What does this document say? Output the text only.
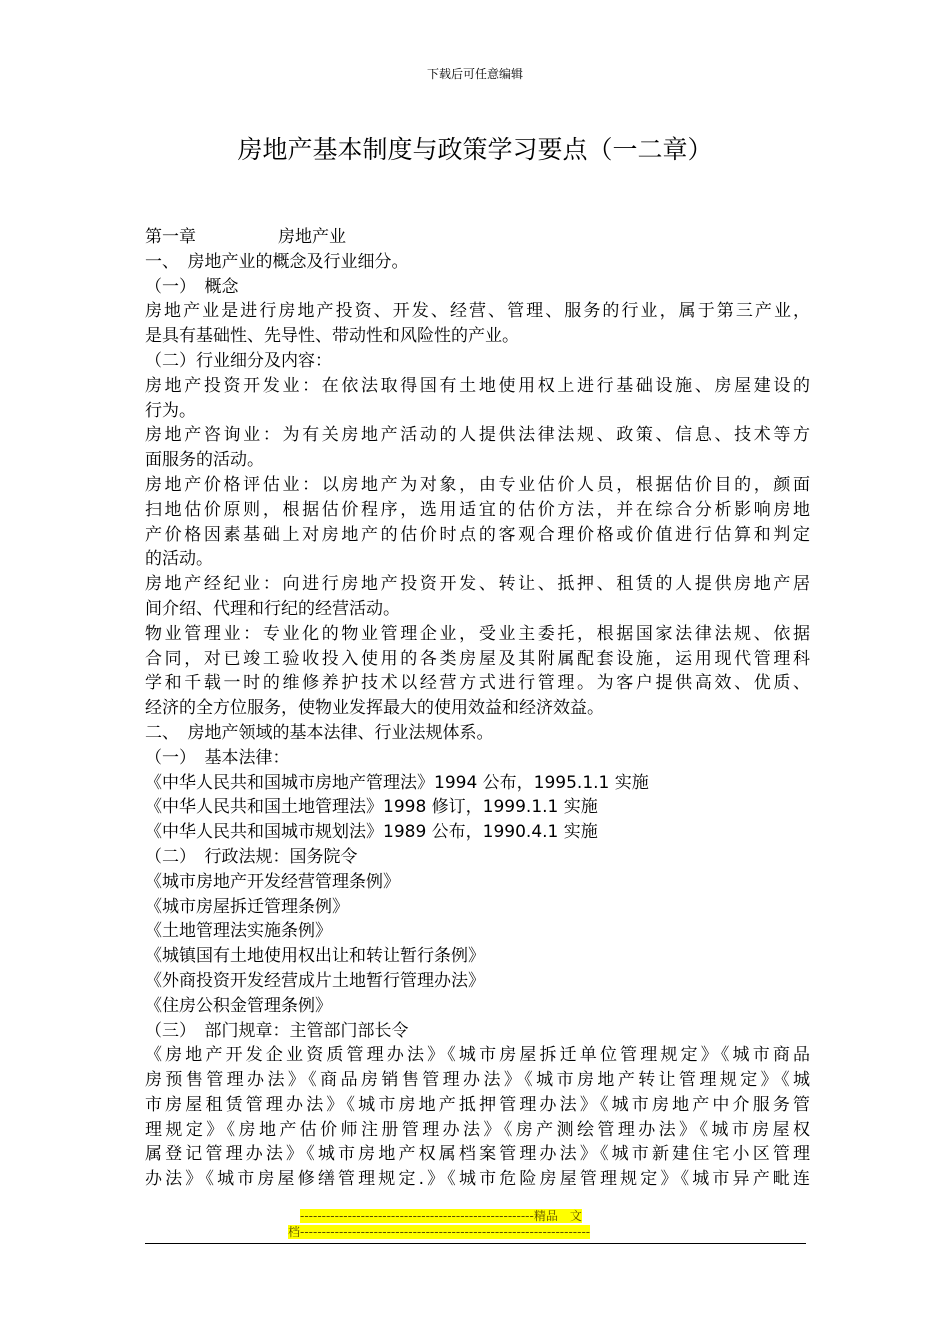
下载后可任意编辑
房地产基本制度与政策学习要点（一二章）
第一章	房地产业
一、　房地产业的概念及行业细分。
（一）　概念
房地产业是进行房地产投资、开发、经营、管理、服务的行业，属于第三产业，
是具有基础性、先导性、带动性和风险性的产业。
（二）行业细分及内容：
房地产投资开发业：在依法取得国有土地使用权上进行基础设施、房屋建设的
行为。
房地产咨询业：为有关房地产活动的人提供法律法规、政策、信息、技术等方
面服务的活动。
房地产价格评估业：以房地产为对象，由专业估价人员，根据估价目的，颜面
扫地估价原则，根据估价程序，选用适宜的估价方法，并在综合分析影响房地
产价格因素基础上对房地产的估价时点的客观合理价格或价值进行估算和判定
的活动。
房地产经纪业：向进行房地产投资开发、转让、抵押、租赁的人提供房地产居
间介绍、代理和行纪的经营活动。
物业管理业：专业化的物业管理企业，受业主委托，根据国家法律法规、依据
合同，对已竣工验收投入使用的各类房屋及其附属配套设施，运用现代管理科
学和千载一时的维修养护技术以经营方式进行管理。为客户提供高效、优质、
经济的全方位服务，使物业发挥最大的使用效益和经济效益。
二、　房地产领域的基本法律、行业法规体系。
（一）　基本法律：
《中华人民共和国城市房地产管理法》1994 公布，1995.1.1 实施
《中华人民共和国土地管理法》1998 修订，1999.1.1 实施
《中华人民共和国城市规划法》1989 公布，1990.4.1 实施
（二）　行政法规：国务院令
《城市房地产开发经营管理条例》
《城市房屋拆迁管理条例》
《土地管理法实施条例》
《城镇国有土地使用权出让和转让暂行条例》
《外商投资开发经营成片土地暂行管理办法》
《住房公积金管理条例》
（三）　部门规章：主管部门部长令
《房地产开发企业资质管理办法》《城市房屋拆迁单位管理规定》《城市商品
房预售管理办法》《商品房销售管理办法》《城市房地产转让管理规定》《城
市房屋租赁管理办法》《城市房地产抵押管理办法》《城市房地产中介服务管
理规定》《房地产估价师注册管理办法》《房产测绘管理办法》《城市房屋权
属登记管理办法》《城市房地产权属档案管理办法》《城市新建住宅小区管理
办法》《城市房屋修缮管理规定.》《城市危险房屋管理规定》《城市异产毗连
------------------------------------------------------精品　文
档-------------------------------------------------------------------
